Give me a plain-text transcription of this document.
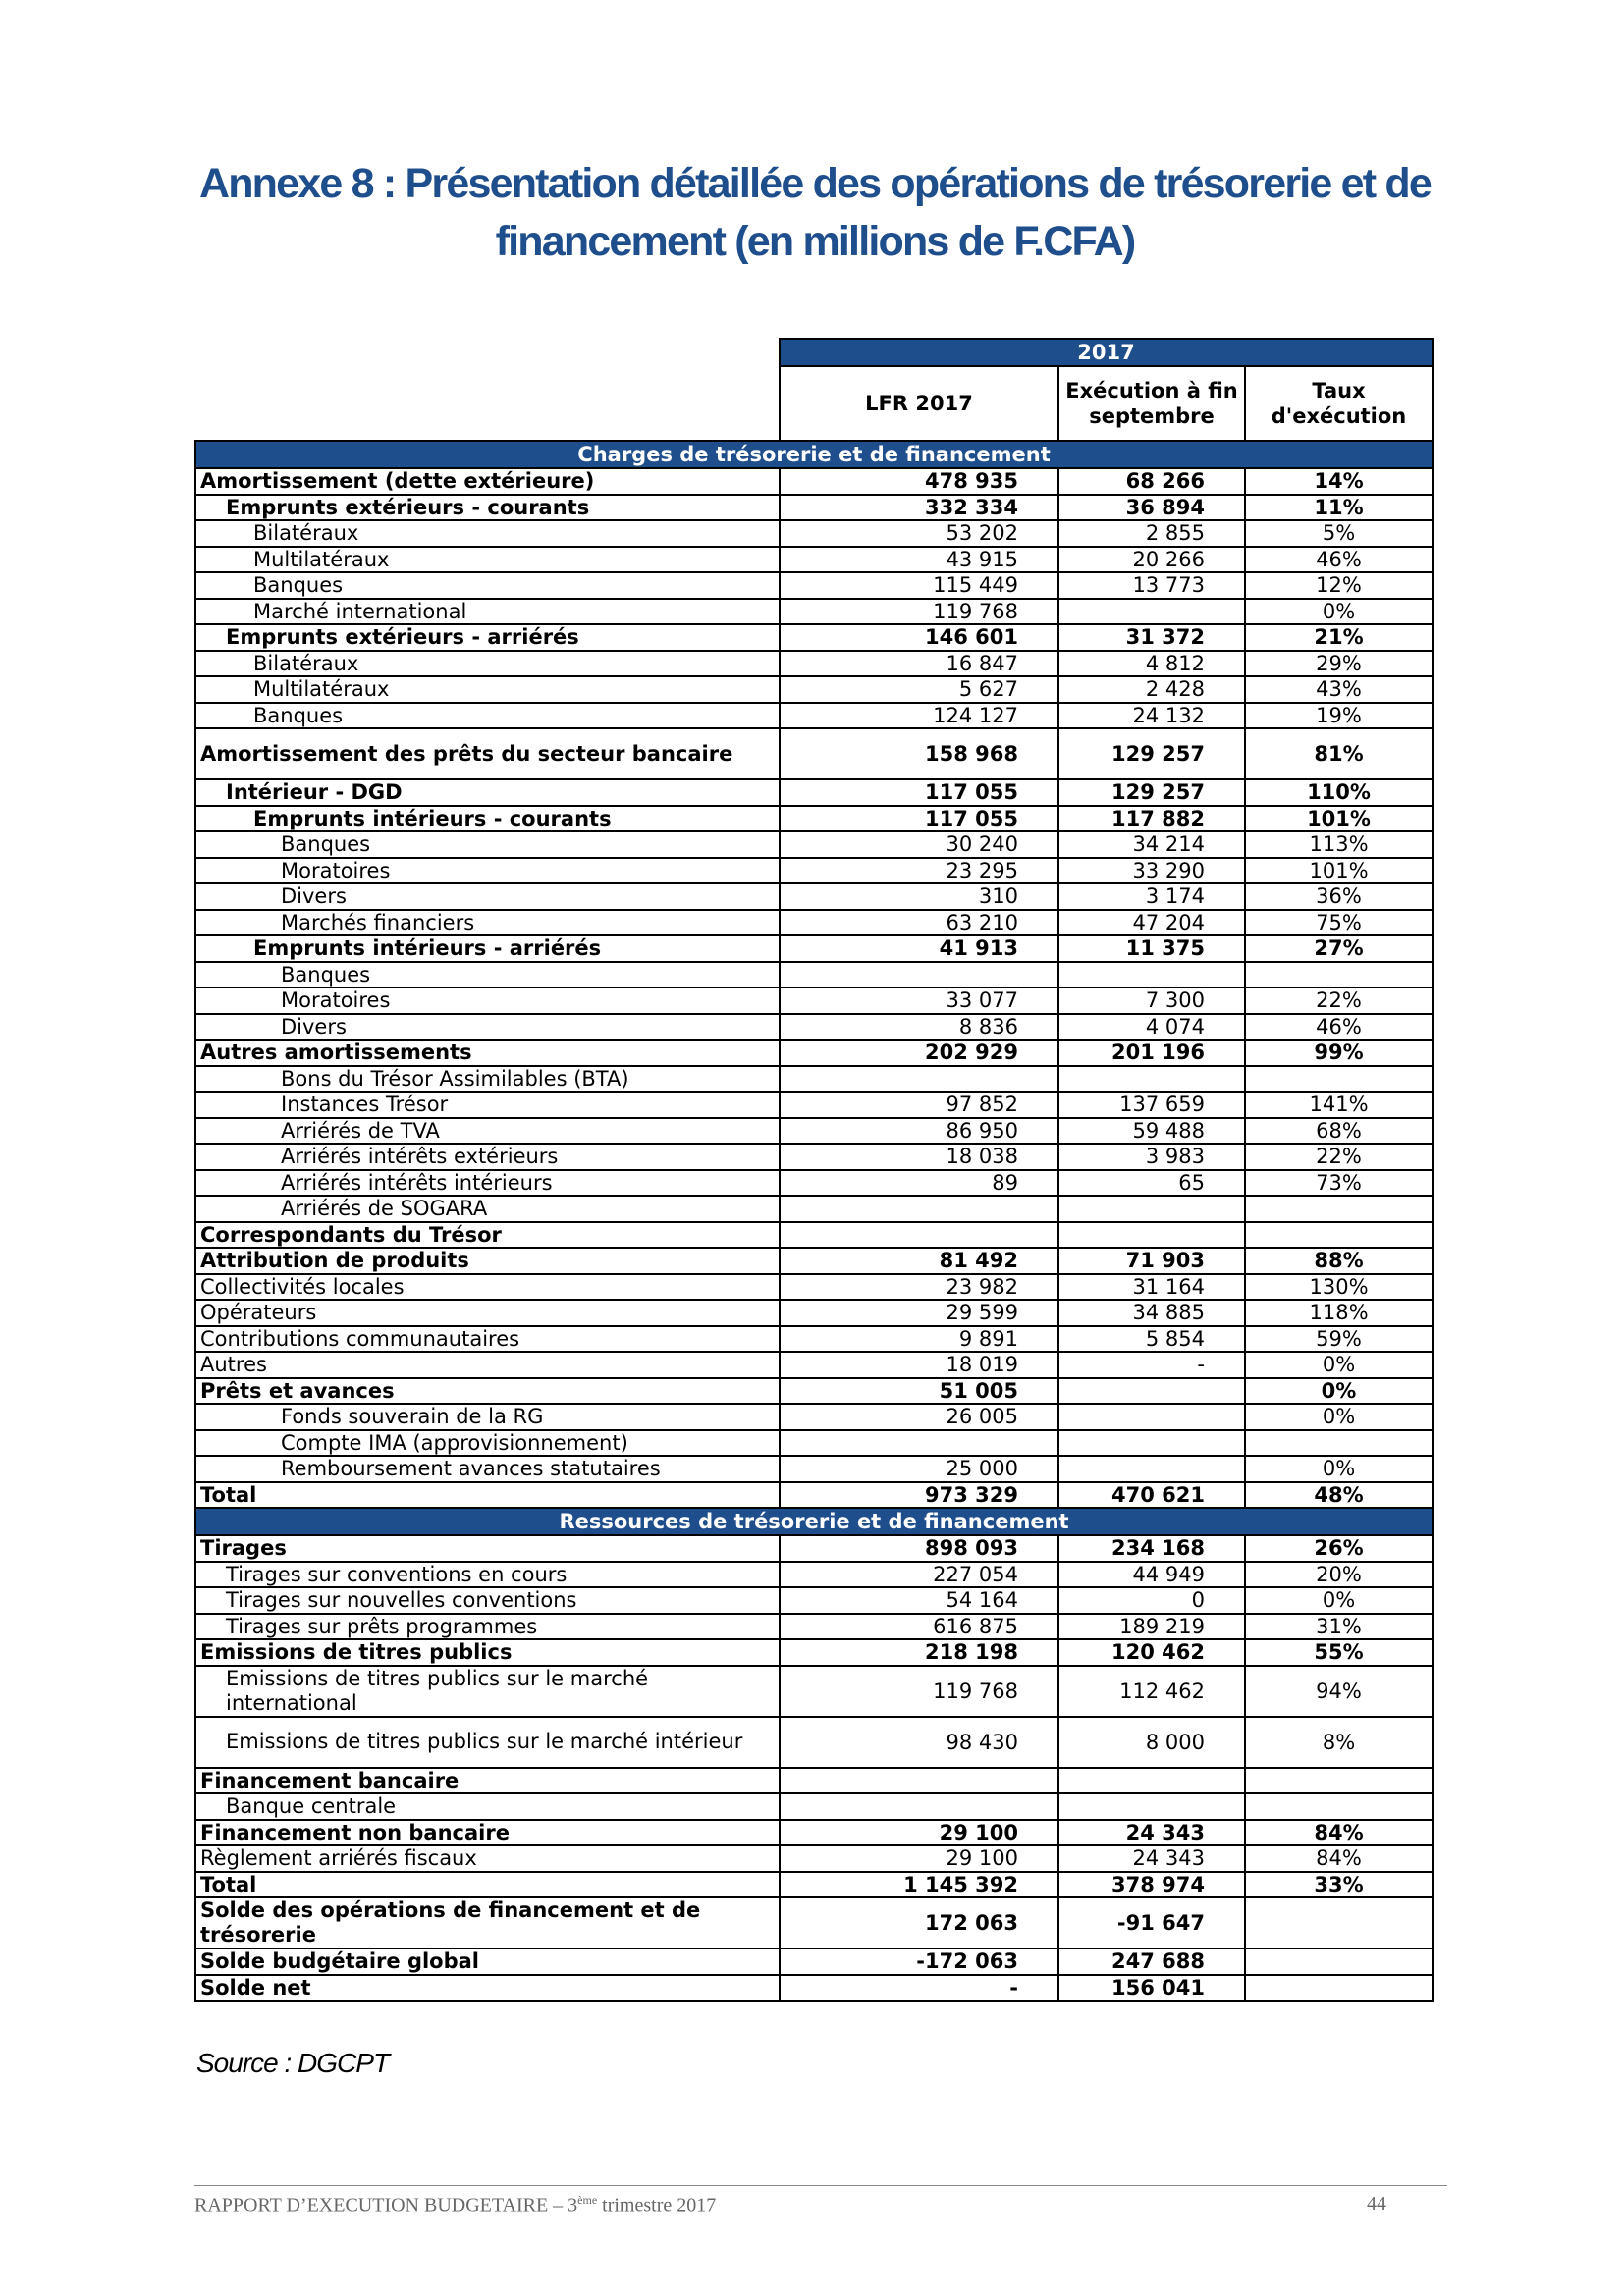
Annexe 8 : Présentation détaillée des opérations de trésorerie et de
financement (en millions de F.CFA)
	2017		
	LFR 2017	Exécution à fin septembre	Taux d'exécution
Charges de trésorerie et de financement			
Amortissement (dette extérieure)	478 935	68 266	14%
Emprunts extérieurs - courants	332 334	36 894	11%
Bilatéraux	53 202	2 855	5%
Multilatéraux	43 915	20 266	46%
Banques	115 449	13 773	12%
Marché international	119 768		0%
Emprunts extérieurs - arriérés	146 601	31 372	21%
Bilatéraux	16 847	4 812	29%
Multilatéraux	5 627	2 428	43%
Banques	124 127	24 132	19%
Amortissement des prêts du secteur bancaire	158 968	129 257	81%
Intérieur - DGD	117 055	129 257	110%
Emprunts intérieurs - courants	117 055	117 882	101%
Banques	30 240	34 214	113%
Moratoires	23 295	33 290	101%
Divers	310	3 174	36%
Marchés financiers	63 210	47 204	75%
Emprunts intérieurs - arriérés	41 913	11 375	27%
Banques			
Moratoires	33 077	7 300	22%
Divers	8 836	4 074	46%
Autres amortissements	202 929	201 196	99%
Bons du Trésor Assimilables (BTA)			
Instances Trésor	97 852	137 659	141%
Arriérés de TVA	86 950	59 488	68%
Arriérés intérêts extérieurs	18 038	3 983	22%
Arriérés intérêts intérieurs	89	65	73%
Arriérés de SOGARA			
Correspondants du Trésor			
Attribution de produits	81 492	71 903	88%
Collectivités locales	23 982	31 164	130%
Opérateurs	29 599	34 885	118%
Contributions communautaires	9 891	5 854	59%
Autres	18 019	-	0%
Prêts et avances	51 005		0%
Fonds souverain de la RG	26 005		0%
Compte IMA (approvisionnement)			
Remboursement avances statutaires	25 000		0%
Total	973 329	470 621	48%
Ressources de trésorerie et de financement			
Tirages	898 093	234 168	26%
Tirages sur conventions en cours	227 054	44 949	20%
Tirages sur nouvelles conventions	54 164	0	0%
Tirages sur prêts programmes	616 875	189 219	31%
Emissions de titres publics	218 198	120 462	55%
Emissions de titres publics sur le marché international	119 768	112 462	94%
Emissions de titres publics sur le marché intérieur	98 430	8 000	8%
Financement bancaire			
Banque centrale			
Financement non bancaire	29 100	24 343	84%
Règlement arriérés fiscaux	29 100	24 343	84%
Total	1 145 392	378 974	33%
Solde des opérations de financement et de trésorerie	172 063	-91 647	
Solde budgétaire global	-172 063	247 688	
Solde net	-	156 041	
Source : DGCPT
RAPPORT D’EXECUTION BUDGETAIRE – 3ème trimestre 2017	44
